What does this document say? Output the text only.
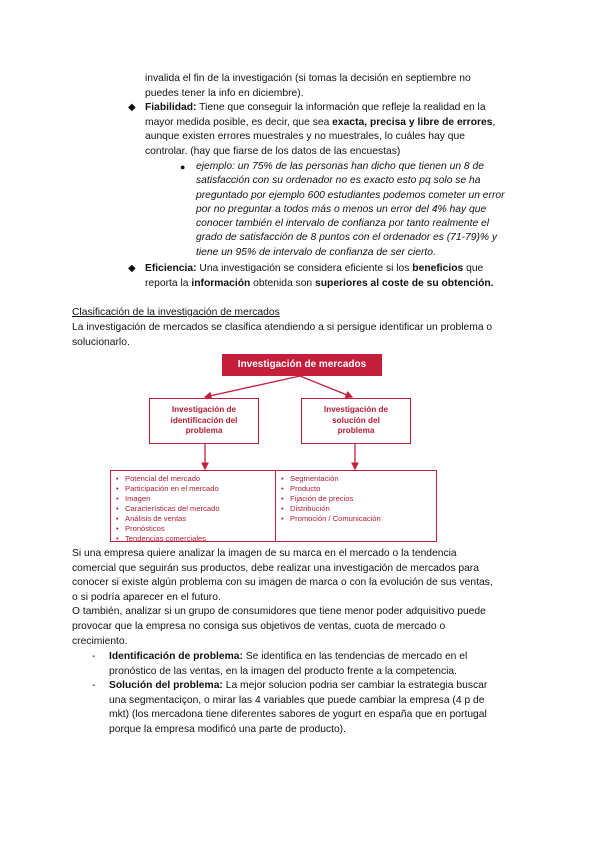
invalida el fin de la investigación (si tomas la decisión en septiembre no
puedes tener la info en diciembre).
◆ Fiabilidad: Tiene que conseguir la información que refleje la realidad en la
mayor medida posible, es decir, que sea exacta, precisa y libre de errores,
aunque existen errores muestrales y no muestrales, lo cuáles hay que
controlar. (hay que fiarse de los datos de las encuestas)
● ejemplo: un 75% de las personas han dicho que tienen un 8 de
satisfacción con su ordenador no es exacto esto pq solo se ha
preguntado por ejemplo 600 estudiantes podemos cometer un error
por no preguntar a todos más o menos un error del 4% hay que
conocer también el intervalo de confianza por tanto realmente el
grado de satisfacción de 8 puntos con el ordenador es (71-79)% y
tiene un 95% de intervalo de confianza de ser cierto.
◆ Eficiencia: Una investigación se considera eficiente si los beneficios que
reporta la información obtenida son superiores al coste de su obtención.
Clasificación de la investigación de mercados
La investigación de mercados se clasifica atendiendo a si persigue identificar un problema o
solucionarlo.
Investigación de mercados
Investigación de
identificación del
problema
Investigación de
solución del
problema
• Potencial del mercado
• Participación en el mercado
• Imagen
• Características del mercado
• Análisis de ventas
• Pronósticos
• Tendencias comerciales
• Segmentación
• Producto
• Fijación de precios
• Distribución
• Promoción / Comunicación
Si una empresa quiere analizar la imagen de su marca en el mercado o la tendencia
comercial que seguirán sus productos, debe realizar una investigación de mercados para
conocer si existe algún problema con su imagen de marca o con la evolución de sus ventas,
o si podría aparecer en el futuro.
O también, analizar si un grupo de consumidores que tiene menor poder adquisitivo puede
provocar que la empresa no consiga sus objetivos de ventas, cuota de mercado o
crecimiento.
- Identificación de problema: Se identifica en las tendencias de mercado en el
pronóstico de las ventas, en la imagen del producto frente a la competencia.
- Solución del problema: La mejor solucion podria ser cambiar la estrategia buscar
una segmentaciçon, o mirar las 4 variables que puede cambiar la empresa (4 p de
mkt) (los mercadona tiene diferentes sabores de yogurt en españa que en portugal
porque la empresa modificó una parte de producto).
